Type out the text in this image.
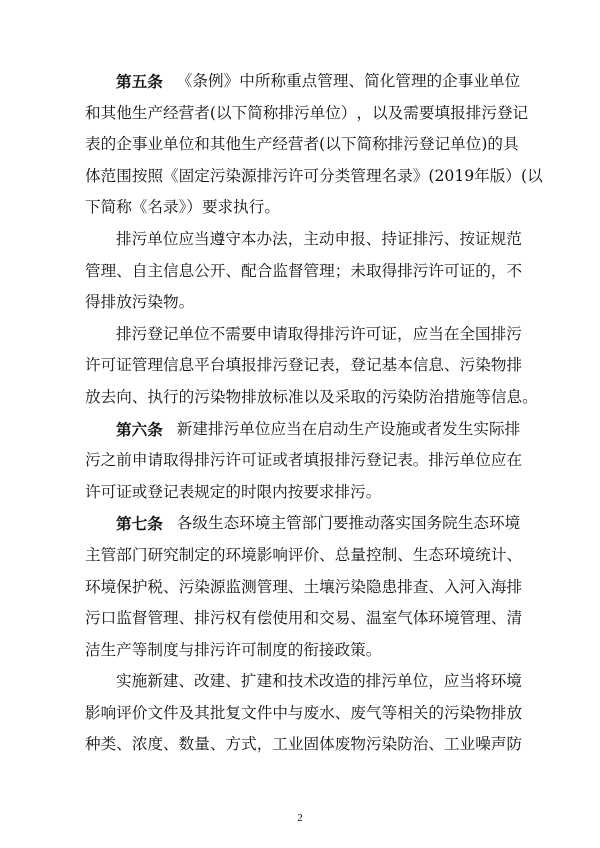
第五条 《 条 例 》 中 所 称 重 点 管 理 、 简 化 管 理 的 企 事 业 单 位
和 其 他 生 产 经 营 者 ( 以 下 简 称 排 污 单 位 ） ， 以 及 需 要 填 报 排 污 登 记
表 的 企 事 业 单 位 和 其 他 生 产 经 营 者 ( 以 下 简 称 排 污 登 记 单 位 ) 的 具
体 范 围 按 照 《 固 定 污 染 源 排 污 许 可 分 类 管 理 名 录 》 ( 2 0 1 9 年 版 ） ( 以
下简称《名录》）要求执行。
排 污 单 位 应 当 遵 守 本 办 法 ， 主 动 申 报 、 持 证 排 污 、 按 证 规 范
管 理 、 自 主 信 息 公 开 、 配 合 监 督 管 理 ； 未 取 得 排 污 许 可 证 的 ， 不
得排放污染物。
排 污 登 记 单 位 不 需 要 申 请 取 得 排 污 许 可 证 ， 应 当 在 全 国 排 污
许 可 证 管 理 信 息 平 台 填 报 排 污 登 记 表 ， 登 记 基 本 信 息 、 污 染 物 排
放 去 向 、 执 行 的 污 染 物 排 放 标 准 以 及 采 取 的 污 染 防 治 措 施 等 信 息 。
第六条 新 建 排 污 单 位 应 当 在 启 动 生 产 设 施 或 者 发 生 实 际 排
污 之 前 申 请 取 得 排 污 许 可 证 或 者 填 报 排 污 登 记 表 。 排 污 单 位 应 在
许可证或登记表规定的时限内按要求排污。
第七条 各 级 生 态 环 境 主 管 部 门 要 推 动 落 实 国 务 院 生 态 环 境
主 管 部 门 研 究 制 定 的 环 境 影 响 评 价 、 总 量 控 制 、 生 态 环 境 统 计 、
环 境 保 护 税 、 污 染 源 监 测 管 理 、 土 壤 污 染 隐 患 排 查 、 入 河 入 海 排
污 口 监 督 管 理 、 排 污 权 有 偿 使 用 和 交 易 、 温 室 气 体 环 境 管 理 、 清
洁生产等制度与排污许可制度的衔接政策。
实 施 新 建 、 改 建 、 扩 建 和 技 术 改 造 的 排 污 单 位 ， 应 当 将 环 境
影 响 评 价 文 件 及 其 批 复 文 件 中 与 废 水 、 废 气 等 相 关 的 污 染 物 排 放
种 类 、 浓 度 、 数 量 、 方 式 ， 工 业 固 体 废 物 污 染 防 治 、 工 业 噪 声 防
2
